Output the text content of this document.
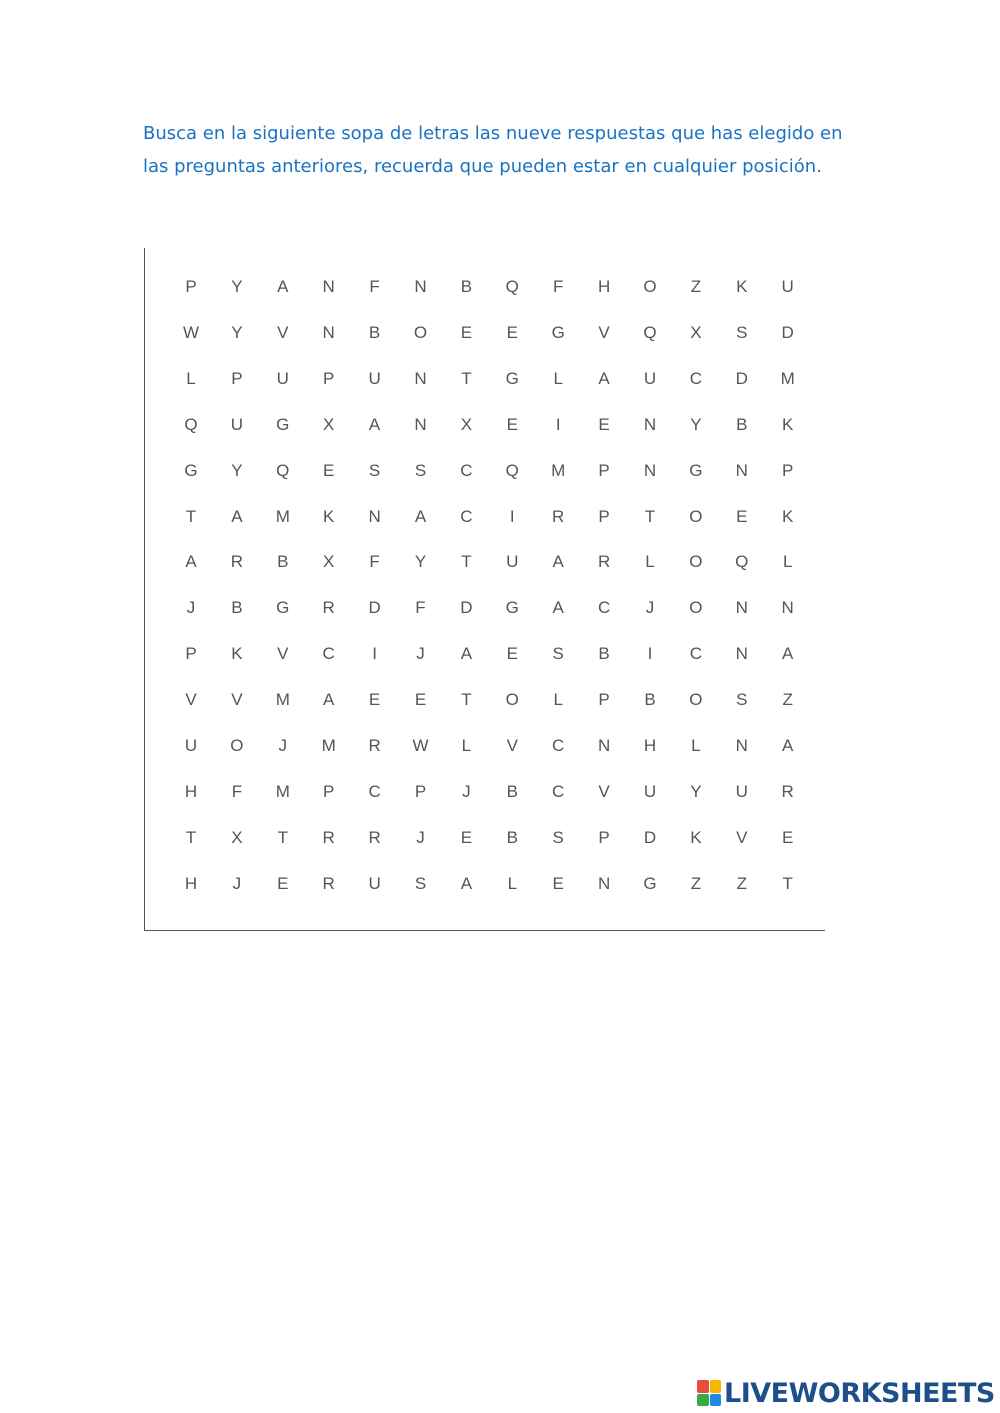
Busca en la siguiente sopa de letras las nueve respuestas que has elegido en
las preguntas anteriores, recuerda que pueden estar en cualquier posición.

P	Y	A	N	F	N	B	Q	F	H	O	Z	K	U
W	Y	V	N	B	O	E	E	G	V	Q	X	S	D
L	P	U	P	U	N	T	G	L	A	U	C	D	M
Q	U	G	X	A	N	X	E	I	E	N	Y	B	K
G	Y	Q	E	S	S	C	Q	M	P	N	G	N	P
T	A	M	K	N	A	C	I	R	P	T	O	E	K
A	R	B	X	F	Y	T	U	A	R	L	O	Q	L
J	B	G	R	D	F	D	G	A	C	J	O	N	N
P	K	V	C	I	J	A	E	S	B	I	C	N	A
V	V	M	A	E	E	T	O	L	P	B	O	S	Z
U	O	J	M	R	W	L	V	C	N	H	L	N	A
H	F	M	P	C	P	J	B	C	V	U	Y	U	R
T	X	T	R	R	J	E	B	S	P	D	K	V	E
H	J	E	R	U	S	A	L	E	N	G	Z	Z	T
LIVEWORKSHEETS
